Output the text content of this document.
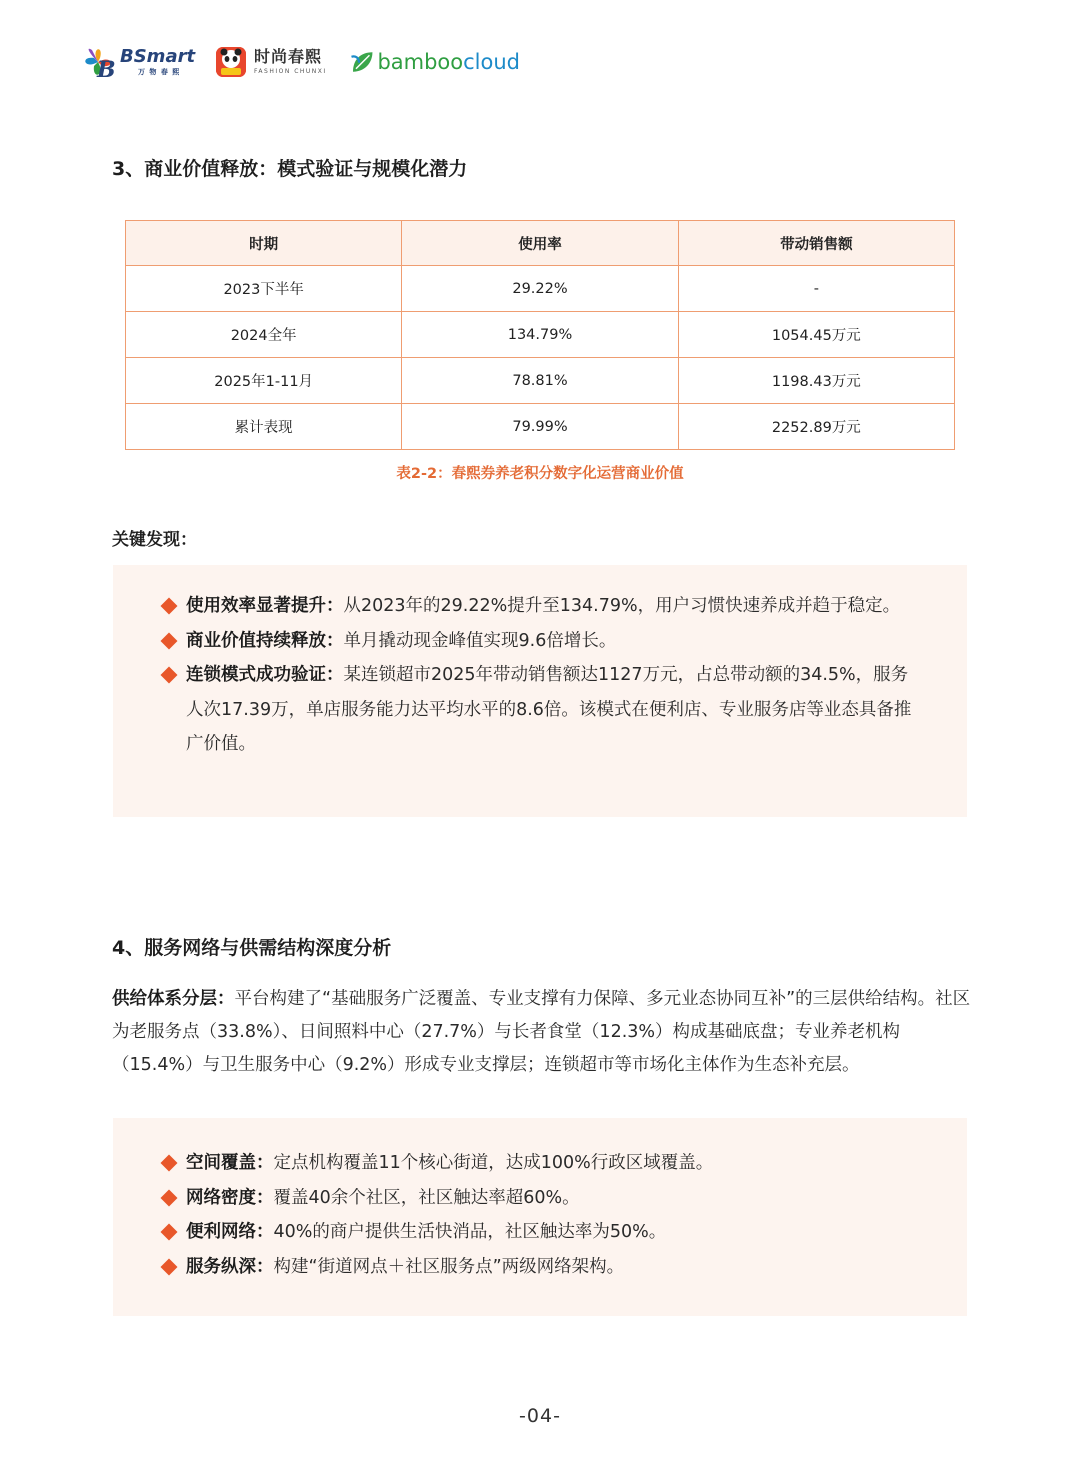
B
BSmart
万 物 春 熙
时尚春熙
FASHION CHUNXI bamboocloud
3、商业价值释放：模式验证与规模化潜力
时期	使用率	带动销售额
2023下半年	29.22%	-
2024全年	134.79%	1054.45万元
2025年1-11月	78.81%	1198.43万元
累计表现	79.99%	2252.89万元
表2-2：春熙券养老积分数字化运营商业价值
关键发现：
使用效率显著提升：从2023年的29.22%提升至134.79%，用户习惯快速养成并趋于稳定。
商业价值持续释放：单月撬动现金峰值实现9.6倍增长。
连锁模式成功验证：某连锁超市2025年带动销售额达1127万元，占总带动额的34.5%，服务人次17.39万，单店服务能力达平均水平的8.6倍。该模式在便利店、专业服务店等业态具备推广价值。
4、服务网络与供需结构深度分析
供给体系分层：平台构建了“基础服务广泛覆盖、专业支撑有力保障、多元业态协同互补”的三层供给结构。社区为老服务点（33.8%）、日间照料中心（27.7%）与长者食堂（12.3%）构成基础底盘；专业养老机构（15.4%）与卫生服务中心（9.2%）形成专业支撑层；连锁超市等市场化主体作为生态补充层。
空间覆盖：定点机构覆盖11个核心街道，达成100%行政区域覆盖。
网络密度：覆盖40余个社区，社区触达率超60%。
便利网络：40%的商户提供生活快消品，社区触达率为50%。
服务纵深：构建“街道网点＋社区服务点”两级网络架构。
-04-
